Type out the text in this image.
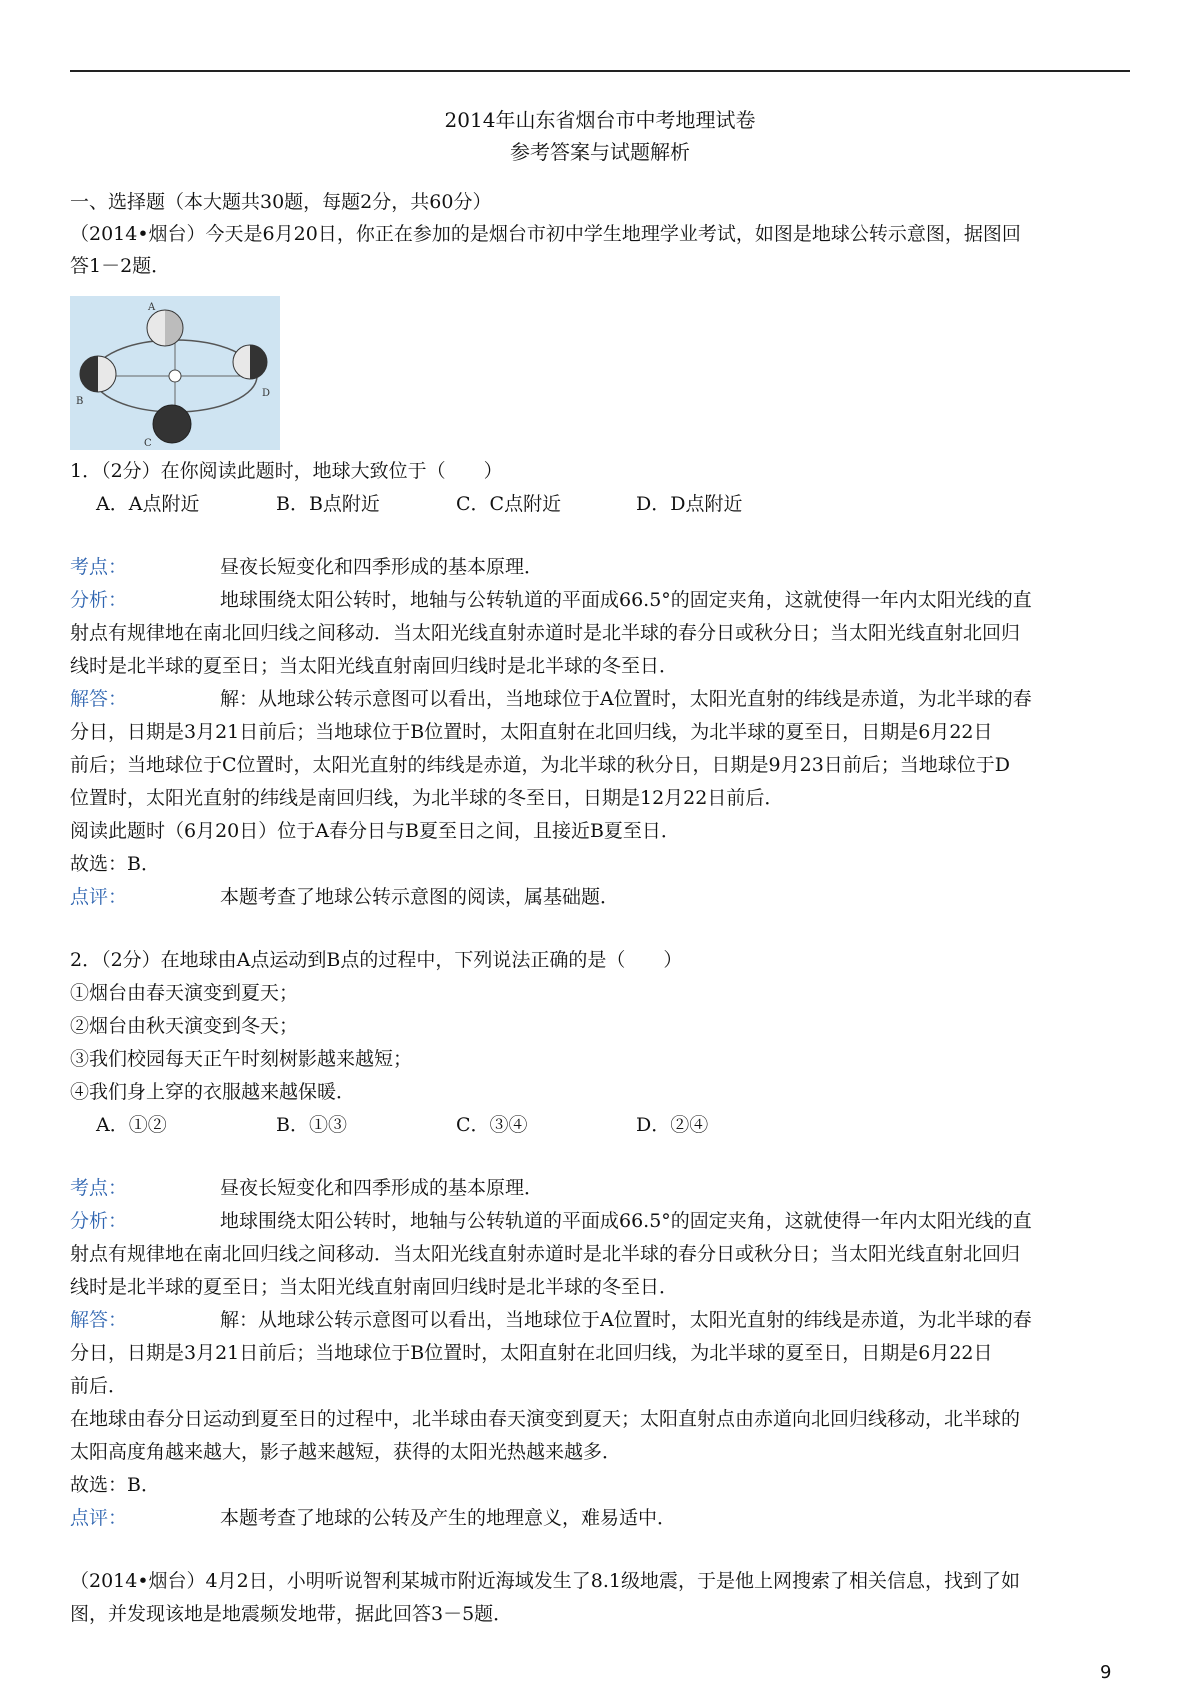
2014年山东省烟台市中考地理试卷
参考答案与试题解析
一、选择题（本大题共30题，每题2分，共60分）
（2014•烟台）今天是6月20日，你正在参加的是烟台市初中学生地理学业考试，如图是地球公转示意图，据图回
答1－2题．
A
B
C
D
1．（2分）在你阅读此题时，地球大致位于（　　）
A．A点附近	B．B点附近	C．C点附近	D．D点附近
考点：	昼夜长短变化和四季形成的基本原理．
分析：	地球围绕太阳公转时，地轴与公转轨道的平面成66.5°的固定夹角，这就使得一年内太阳光线的直
射点有规律地在南北回归线之间移动．当太阳光线直射赤道时是北半球的春分日或秋分日；当太阳光线直射北回归
线时是北半球的夏至日；当太阳光线直射南回归线时是北半球的冬至日．
解答：	解：从地球公转示意图可以看出，当地球位于A位置时，太阳光直射的纬线是赤道，为北半球的春
分日，日期是3月21日前后；当地球位于B位置时，太阳直射在北回归线，为北半球的夏至日，日期是6月22日
前后；当地球位于C位置时，太阳光直射的纬线是赤道，为北半球的秋分日，日期是9月23日前后；当地球位于D
位置时，太阳光直射的纬线是南回归线，为北半球的冬至日，日期是12月22日前后．
阅读此题时（6月20日）位于A春分日与B夏至日之间，且接近B夏至日．
故选：B．
点评：	本题考查了地球公转示意图的阅读，属基础题．
2．（2分）在地球由A点运动到B点的过程中，下列说法正确的是（　　）
①烟台由春天演变到夏天；
②烟台由秋天演变到冬天；
③我们校园每天正午时刻树影越来越短；
④我们身上穿的衣服越来越保暖．
A．①②	B．①③	C．③④	D．②④
考点：	昼夜长短变化和四季形成的基本原理．
分析：	地球围绕太阳公转时，地轴与公转轨道的平面成66.5°的固定夹角，这就使得一年内太阳光线的直
射点有规律地在南北回归线之间移动．当太阳光线直射赤道时是北半球的春分日或秋分日；当太阳光线直射北回归
线时是北半球的夏至日；当太阳光线直射南回归线时是北半球的冬至日．
解答：	解：从地球公转示意图可以看出，当地球位于A位置时，太阳光直射的纬线是赤道，为北半球的春
分日，日期是3月21日前后；当地球位于B位置时，太阳直射在北回归线，为北半球的夏至日，日期是6月22日
前后．
在地球由春分日运动到夏至日的过程中，北半球由春天演变到夏天；太阳直射点由赤道向北回归线移动，北半球的
太阳高度角越来越大，影子越来越短，获得的太阳光热越来越多．
故选：B．
点评：	本题考查了地球的公转及产生的地理意义，难易适中．
（2014•烟台）4月2日，小明听说智利某城市附近海域发生了8.1级地震，于是他上网搜索了相关信息，找到了如
图，并发现该地是地震频发地带，据此回答3－5题．
9
